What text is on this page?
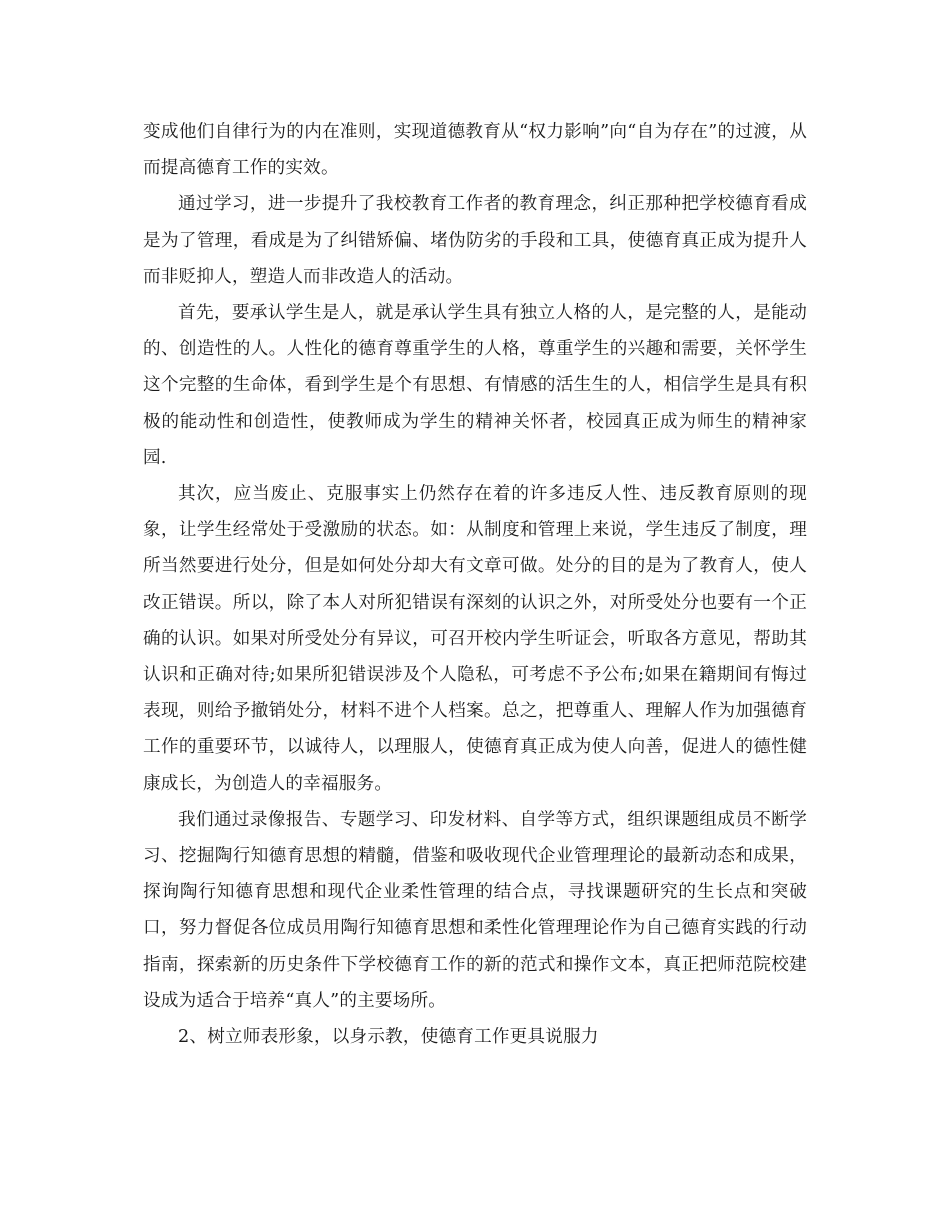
变成他们自律行为的内在准则，实现道德教育从“权力影响”向“自为存在”的过渡，从而提高德育工作的实效。

通过学习，进一步提升了我校教育工作者的教育理念，纠正那种把学校德育看成是为了管理，看成是为了纠错矫偏、堵伪防劣的手段和工具，使德育真正成为提升人而非贬抑人，塑造人而非改造人的活动。

首先，要承认学生是人，就是承认学生具有独立人格的人，是完整的人，是能动的、创造性的人。人性化的德育尊重学生的人格，尊重学生的兴趣和需要，关怀学生这个完整的生命体，看到学生是个有思想、有情感的活生生的人，相信学生是具有积极的能动性和创造性，使教师成为学生的精神关怀者，校园真正成为师生的精神家园.

其次，应当废止、克服事实上仍然存在着的许多违反人性、违反教育原则的现象，让学生经常处于受激励的状态。如：从制度和管理上来说，学生违反了制度，理所当然要进行处分，但是如何处分却大有文章可做。处分的目的是为了教育人，使人改正错误。所以，除了本人对所犯错误有深刻的认识之外，对所受处分也要有一个正确的认识。如果对所受处分有异议，可召开校内学生听证会，听取各方意见，帮助其认识和正确对待;如果所犯错误涉及个人隐私，可考虑不予公布;如果在籍期间有悔过表现，则给予撤销处分，材料不进个人档案。总之，把尊重人、理解人作为加强德育工作的重要环节，以诚待人，以理服人，使德育真正成为使人向善，促进人的德性健康成长，为创造人的幸福服务。

我们通过录像报告、专题学习、印发材料、自学等方式，组织课题组成员不断学习、挖掘陶行知德育思想的精髓，借鉴和吸收现代企业管理理论的最新动态和成果，探询陶行知德育思想和现代企业柔性管理的结合点，寻找课题研究的生长点和突破口，努力督促各位成员用陶行知德育思想和柔性化管理理论作为自己德育实践的行动指南，探索新的历史条件下学校德育工作的新的范式和操作文本，真正把师范院校建设成为适合于培养“真人”的主要场所。

2、树立师表形象，以身示教，使德育工作更具说服力
